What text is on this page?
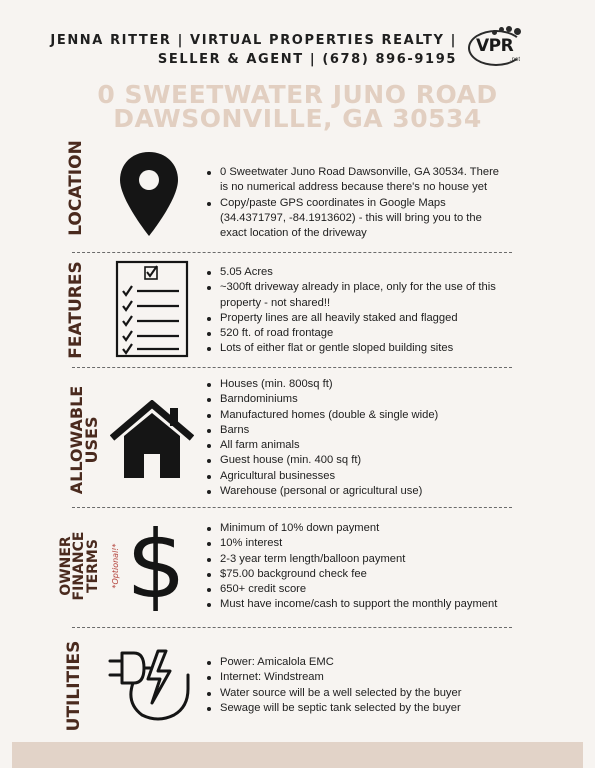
JENNA RITTER | VIRTUAL PROPERTIES REALTY |
SELLER & AGENT | (678) 896-9195
VPR
.net
0 SWEETWATER JUNO ROAD
DAWSONVILLE, GA 30534
LOCATION	0 Sweetwater Juno Road Dawsonville, GA 30534. There is no numerical address because there's no house yet
Copy/paste GPS coordinates in Google Maps (34.4371797, -84.1913602) - this will bring you to the exact location of the driveway
FEATURES	5.05 Acres
~300ft driveway already in place, only for the use of this property - not shared!!
Property lines are all heavily staked and flagged
520 ft. of road frontage
Lots of either flat or gentle sloped building sites
ALLOWABLE
USES
Houses (min. 800sq ft)
Barndominiums
Manufactured homes (double & single wide)
Barns
All farm animals
Guest house (min. 400 sq ft)
Agricultural businesses
Warehouse (personal or agricultural use)
OWNER
FINANCE
TERMS *Optional!* $	Minimum of 10% down payment
10% interest
2-3 year term length/balloon payment
$75.00 background check fee
650+ credit score
Must have income/cash to support the monthly payment
UTILITIES	Power: Amicalola EMC
Internet: Windstream
Water source will be a well selected by the buyer
Sewage will be septic tank selected by the buyer
